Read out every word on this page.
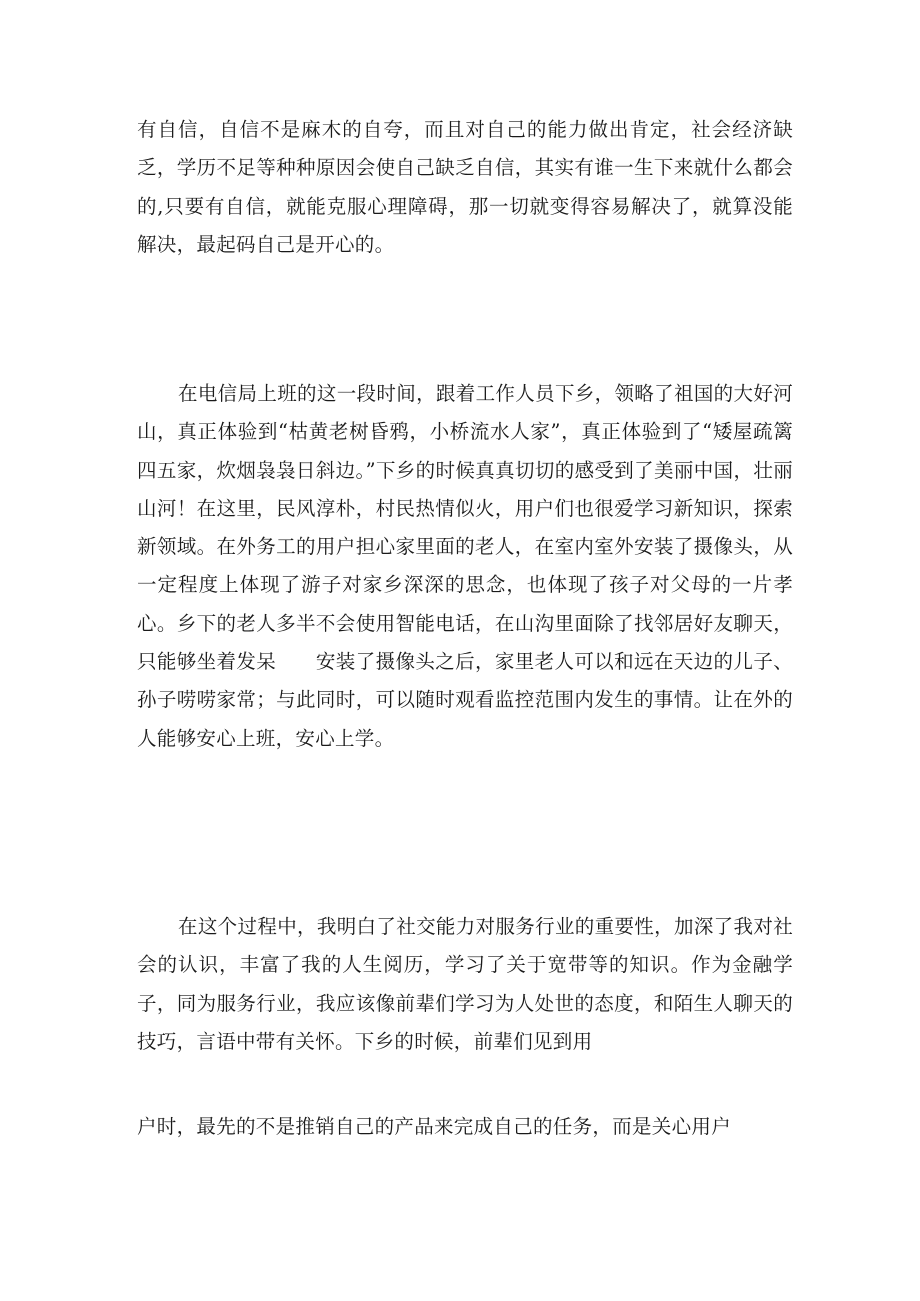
有自信，自信不是麻木的自夸，而且对自己的能力做出肯定，社会经济缺乏，学历不足等种种原因会使自己缺乏自信，其实有谁一生下来就什么都会的,只要有自信，就能克服心理障碍，那一切就变得容易解决了，就算没能解决，最起码自己是开心的。

在电信局上班的这一段时间，跟着工作人员下乡，领略了祖国的大好河山，真正体验到“枯黄老树昏鸦，小桥流水人家”，真正体验到了“矮屋疏篱四五家，炊烟袅袅日斜边。”下乡的时候真真切切的感受到了美丽中国，壮丽山河！在这里，民风淳朴，村民热情似火，用户们也很爱学习新知识，探索新领域。在外务工的用户担心家里面的老人，在室内室外安装了摄像头，从一定程度上体现了游子对家乡深深的思念，也体现了孩子对父母的一片孝心。乡下的老人多半不会使用智能电话，在山沟里面除了找邻居好友聊天，只能够坐着发呆　　安装了摄像头之后，家里老人可以和远在天边的儿子、孙子唠唠家常；与此同时，可以随时观看监控范围内发生的事情。让在外的人能够安心上班，安心上学。

在这个过程中，我明白了社交能力对服务行业的重要性，加深了我对社会的认识，丰富了我的人生阅历，学习了关于宽带等的知识。作为金融学子，同为服务行业，我应该像前辈们学习为人处世的态度，和陌生人聊天的技巧，言语中带有关怀。下乡的时候，前辈们见到用

户时，最先的不是推销自己的产品来完成自己的任务，而是关心用户
